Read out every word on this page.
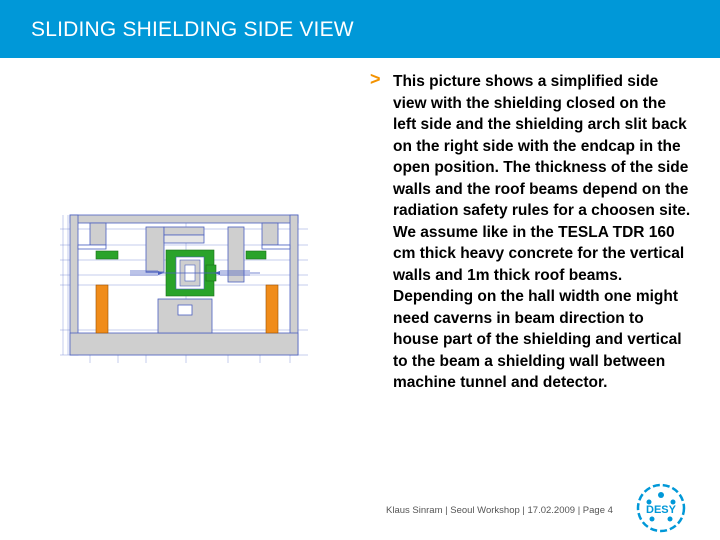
SLIDING SHIELDING SIDE VIEW
> This picture shows a simplified side view with the shielding closed on the left side and the shielding arch slit back on the right side with the endcap in the open position. The thickness of the side walls and the roof beams depend on the radiation safety rules for a choosen site. We assume like in the TESLA TDR 160 cm thick heavy concrete for the vertical walls and 1m thick roof beams. Depending on the hall width one might need caverns in beam direction to house part of the shielding and vertical to the beam a shielding wall between machine tunnel and detector.
Klaus Sinram | Seoul Workshop | 17.02.2009 | Page 4	DESY
